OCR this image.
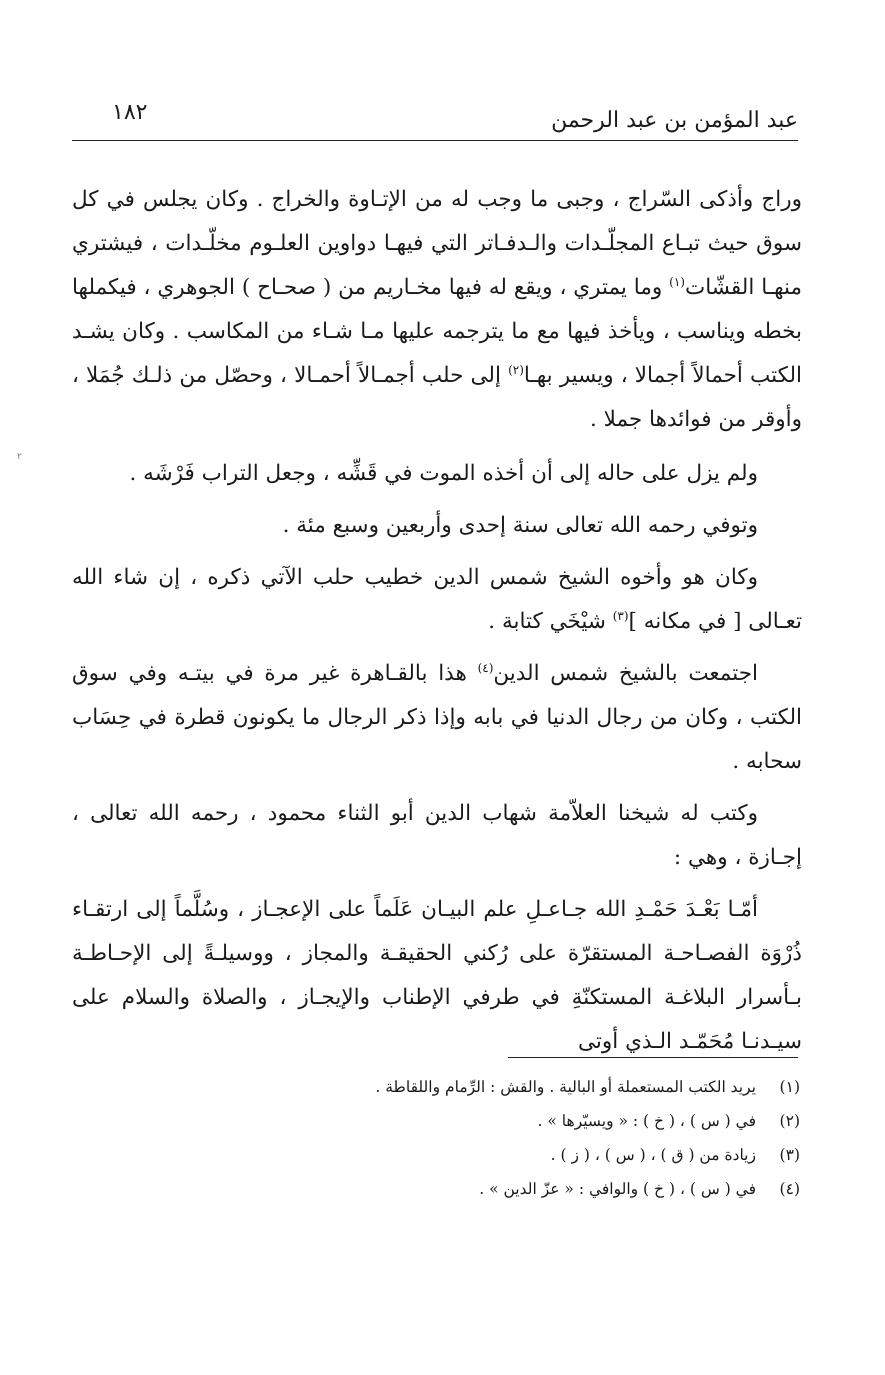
عبد المؤمن بن عبد الرحمن
١٨٢
٢

وراج وأذكى السّراج ، وجبى ما وجب له من الإتـاوة والخراج . وكان يجلس في كل سوق حيث تبـاع المجلّـدات والـدفـاتر التي فيهـا دواوين العلـوم مخلّـدات ، فيشتري منهـا القشّات$^{(١)}$ وما يمتري ، ويقع له فيها مخـاريم من ( صحـاح ) الجوهري ، فيكملها بخطه ويناسب ، ويأخذ فيها مع ما يترجمه عليها مـا شـاء من المكاسب . وكان يشـد الكتب أحمالاً أجمالا ، ويسير بهـا$^{(٢)}$ إلى حلب أجمـالاً أحمـالا ، وحصّل من ذلـك جُمَلا ، وأوقر من فوائدها جملا .

ولم يزل على حاله إلى أن أخذه الموت في قَشِّه ، وجعل التراب فَرْشَه .

وتوفي رحمه الله تعالى سنة إحدى وأربعين وسبع مئة .

وكان هو وأخوه الشيخ شمس الدين خطيب حلب الآتي ذكره ، إن شاء الله تعـالى [ في مكانه ]$^{(٣)}$ شيْخَي كتابة .

اجتمعت بالشيخ شمس الدين$^{(٤)}$ هذا بالقـاهرة غير مرة في بيتـه وفي سوق الكتب ، وكان من رجال الدنيا في بابه وإذا ذكر الرجال ما يكونون قطرة في حِسَاب سحابه .

وكتب له شيخنا العلاّمة شهاب الدين أبو الثناء محمود ، رحمه الله تعالى ، إجـازة ، وهي :

أمّـا بَعْـدَ حَمْـدِ الله جـاعـلِ علم البيـان عَلَماً على الإعجـاز ، وسُلَّماً إلى ارتقـاء ذُرْوَة الفصـاحـة المستقرّة على رُكني الحقيقـة والمجاز ، ووسيلـةً إلى الإحـاطـة بـأسرار البلاغـة المستكنّةِ في طرفي الإطناب والإيجـاز ، والصلاة والسلام على سيـدنـا مُحَمّـد الـذي أوتى

(١)
يريد الكتب المستعملة أو البالية . والقش : الرِّمام واللقاطة .
(٢)
في ( س ) ، ( خ ) : « ويسيّرها » .
(٣)
زيادة من ( ق ) ، ( س ) ، ( ز ) .
(٤)
في ( س ) ، ( خ ) والوافي : « عزّ الدين » .
